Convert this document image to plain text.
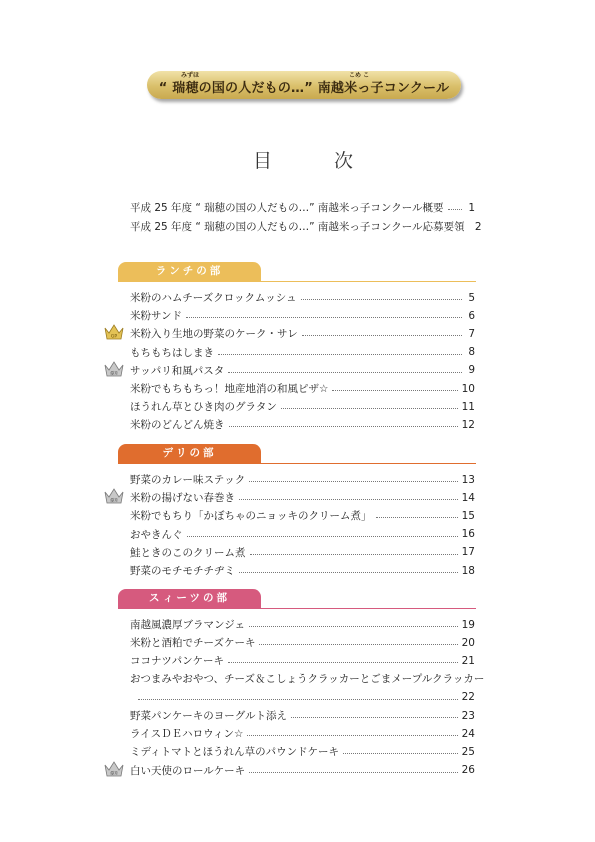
みずほ	こめ こ
“ 瑞穂の国の人だもの…” 南越米っ子コンクール
目	次
平成 25 年度 “ 瑞穂の国の人だもの…” 南越米っ子コンクール概要 1
平成 25 年度 “ 瑞穂の国の人だもの…” 南越米っ子コンクール応募要領 2
ランチの部
米粉のハムチーズクロックムッシュ	5
米粉サンド	6
米粉入り生地の野菜のケーク・サレ	7
GP
もちもちはしまき	8
サッパリ和風パスタ	9
優秀
米粉でもちもちっ！地産地消の和風ピザ☆	10
ほうれん草とひき肉のグラタン	11
米粉のどんどん焼き	12
デリの部
野菜のカレー味ステック	13
米粉の揚げない春巻き	14
優秀
米粉でもちり「かぼちゃのニョッキのクリーム煮」	15
おやきんぐ	16
鮭ときのこのクリーム煮	17
野菜のモチモチチヂミ	18
スィーツの部
南越風濃厚ブラマンジェ	19
米粉と酒粕でチーズケーキ	20
ココナツパンケーキ	21
おつまみやおやつ、チーズ＆こしょうクラッカーとごまメープルクラッカー
22
野菜パンケーキのヨーグルト添え	23
ライスＤＥハロウィン☆	24
ミディトマトとほうれん草のパウンドケーキ	25
白い天使のロールケーキ	26
優秀
